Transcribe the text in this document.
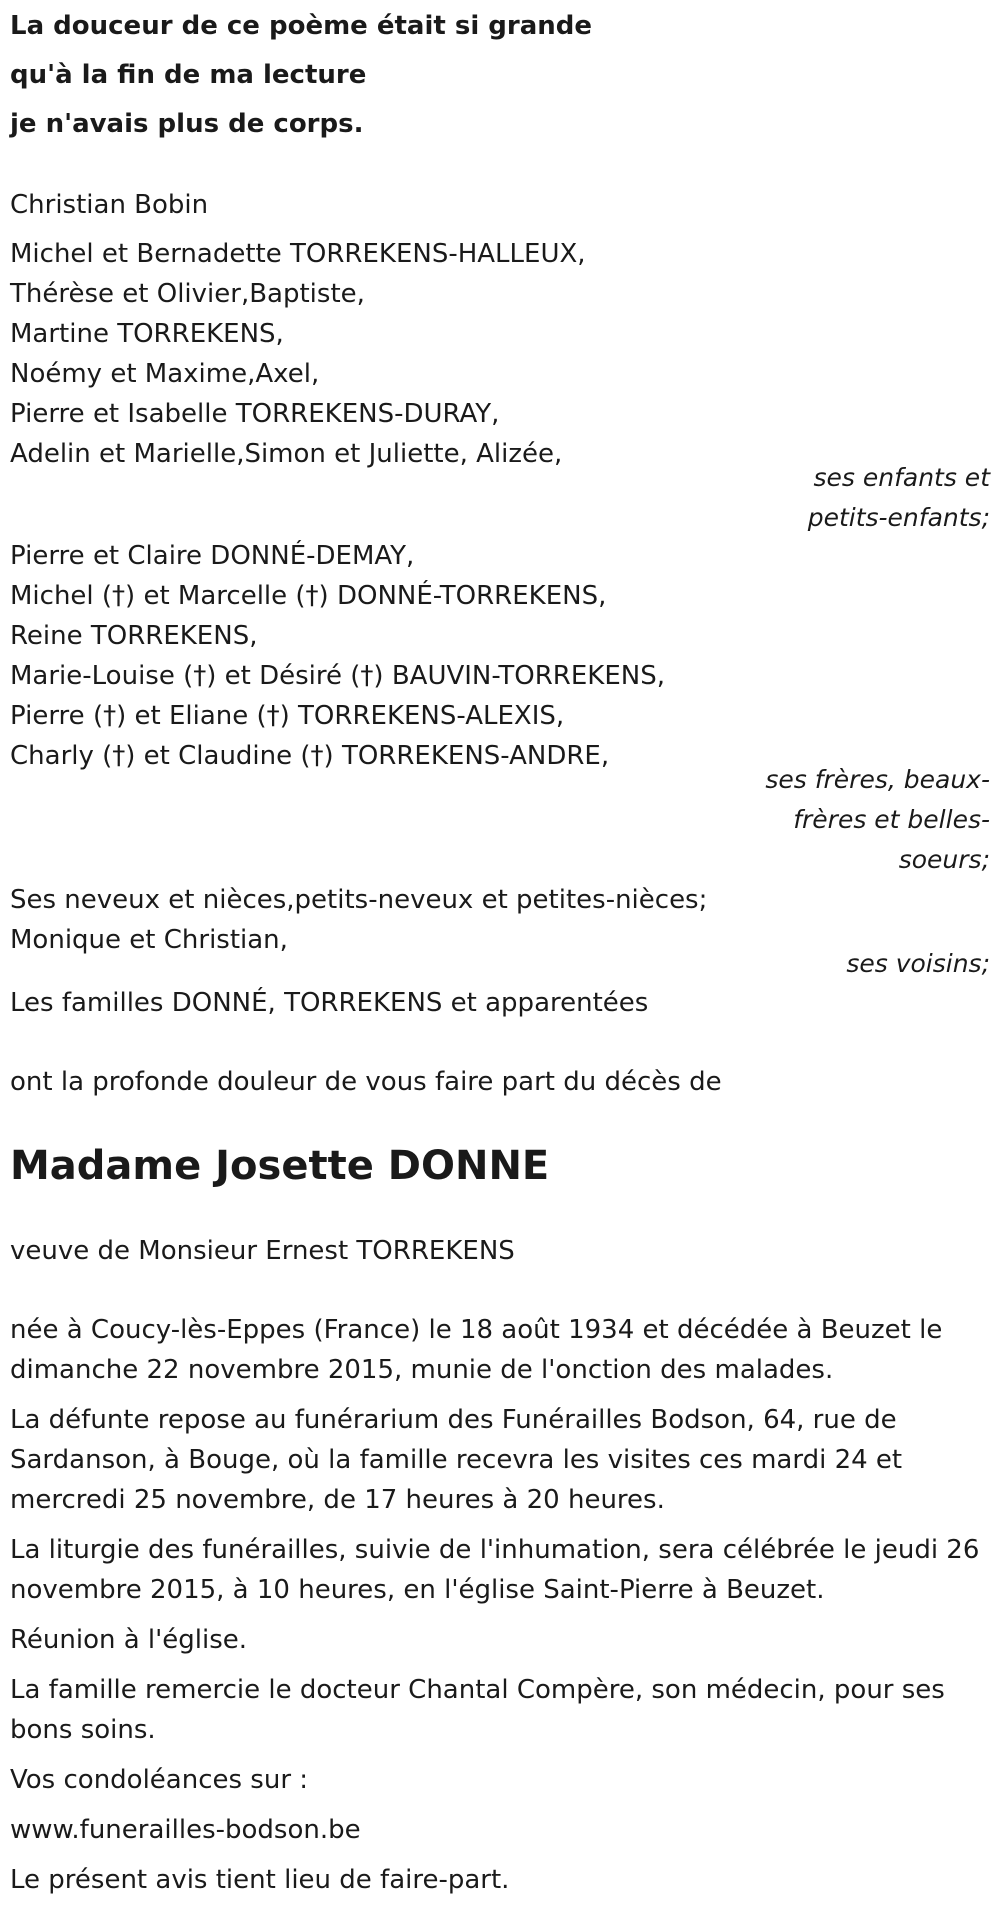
La douceur de ce poème était si grande
qu'à la fin de ma lecture
je n'avais plus de corps.
Christian Bobin
Michel et Bernadette TORREKENS-HALLEUX,
Thérèse et Olivier,Baptiste,
Martine TORREKENS,
Noémy et Maxime,Axel,
Pierre et Isabelle TORREKENS-DURAY,
Adelin et Marielle,Simon et Juliette, Alizée,
ses enfants et
petits-enfants;
Pierre et Claire DONNÉ-DEMAY,
Michel (†) et Marcelle (†) DONNÉ-TORREKENS,
Reine TORREKENS,
Marie-Louise (†) et Désiré (†) BAUVIN-TORREKENS,
Pierre (†) et Eliane (†) TORREKENS-ALEXIS,
Charly (†) et Claudine (†) TORREKENS-ANDRE,
ses frères, beaux-
frères et belles-
soeurs;
Ses neveux et nièces,petits-neveux et petites-nièces;
Monique et Christian,
ses voisins;
Les familles DONNÉ, TORREKENS et apparentées
ont la profonde douleur de vous faire part du décès de
Madame Josette DONNE
veuve de Monsieur Ernest TORREKENS
née à Coucy-lès-Eppes (France) le 18 août 1934 et décédée à Beuzet le
dimanche 22 novembre 2015, munie de l'onction des malades.
La défunte repose au funérarium des Funérailles Bodson, 64, rue de
Sardanson, à Bouge, où la famille recevra les visites ces mardi 24 et
mercredi 25 novembre, de 17 heures à 20 heures.
La liturgie des funérailles, suivie de l'inhumation, sera célébrée le jeudi 26
novembre 2015, à 10 heures, en l'église Saint-Pierre à Beuzet.
Réunion à l'église.
La famille remercie le docteur Chantal Compère, son médecin, pour ses
bons soins.
Vos condoléances sur :
www.funerailles-bodson.be
Le présent avis tient lieu de faire-part.
